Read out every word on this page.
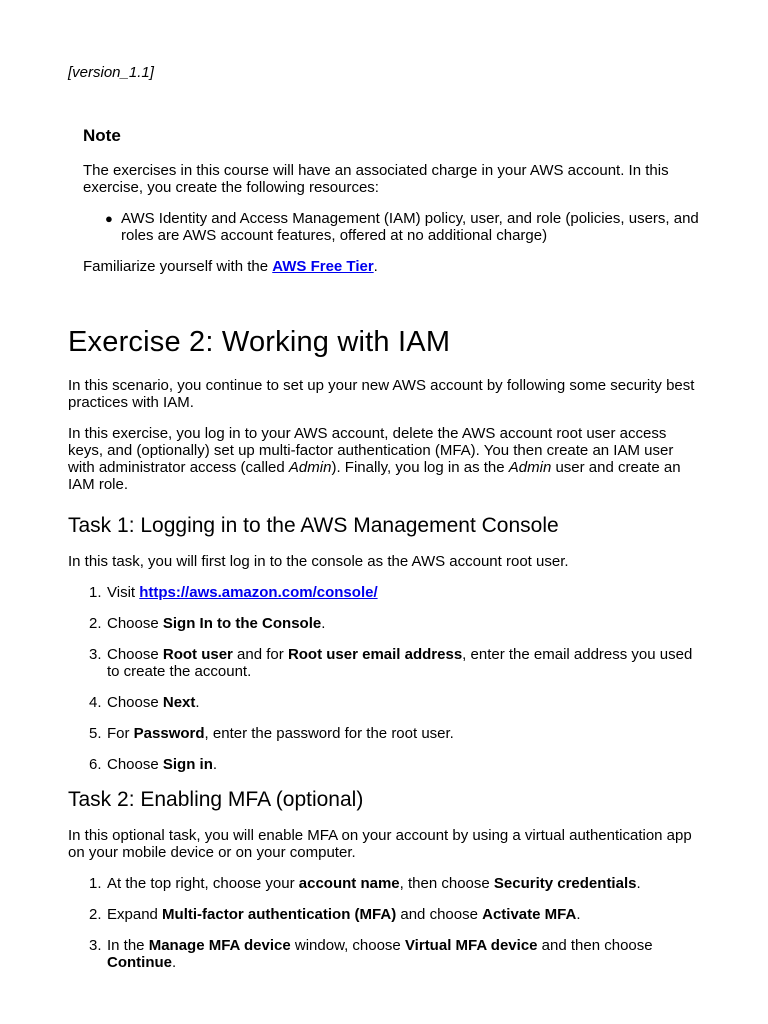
[version_1.1]
Note

The exercises in this course will have an associated charge in your AWS account. In this exercise, you create the following resources:

● AWS Identity and Access Management (IAM) policy, user, and role (policies, users, and roles are AWS account features, offered at no additional charge)

Familiarize yourself with the AWS Free Tier.

Exercise 2: Working with IAM

In this scenario, you continue to set up your new AWS account by following some security best practices with IAM.

In this exercise, you log in to your AWS account, delete the AWS account root user access keys, and (optionally) set up multi-factor authentication (MFA). You then create an IAM user with administrator access (called Admin). Finally, you log in as the Admin user and create an IAM role.

Task 1: Logging in to the AWS Management Console

In this task, you will first log in to the console as the AWS account root user.

1. Visit https://aws.amazon.com/console/
2. Choose Sign In to the Console.
3. Choose Root user and for Root user email address, enter the email address you used to create the account.
4. Choose Next.
5. For Password, enter the password for the root user.
6. Choose Sign in.
Task 2: Enabling MFA (optional)

In this optional task, you will enable MFA on your account by using a virtual authentication app on your mobile device or on your computer.

1. At the top right, choose your account name, then choose Security credentials.
2. Expand Multi-factor authentication (MFA) and choose Activate MFA.
3. In the Manage MFA device window, choose Virtual MFA device and then choose Continue.
